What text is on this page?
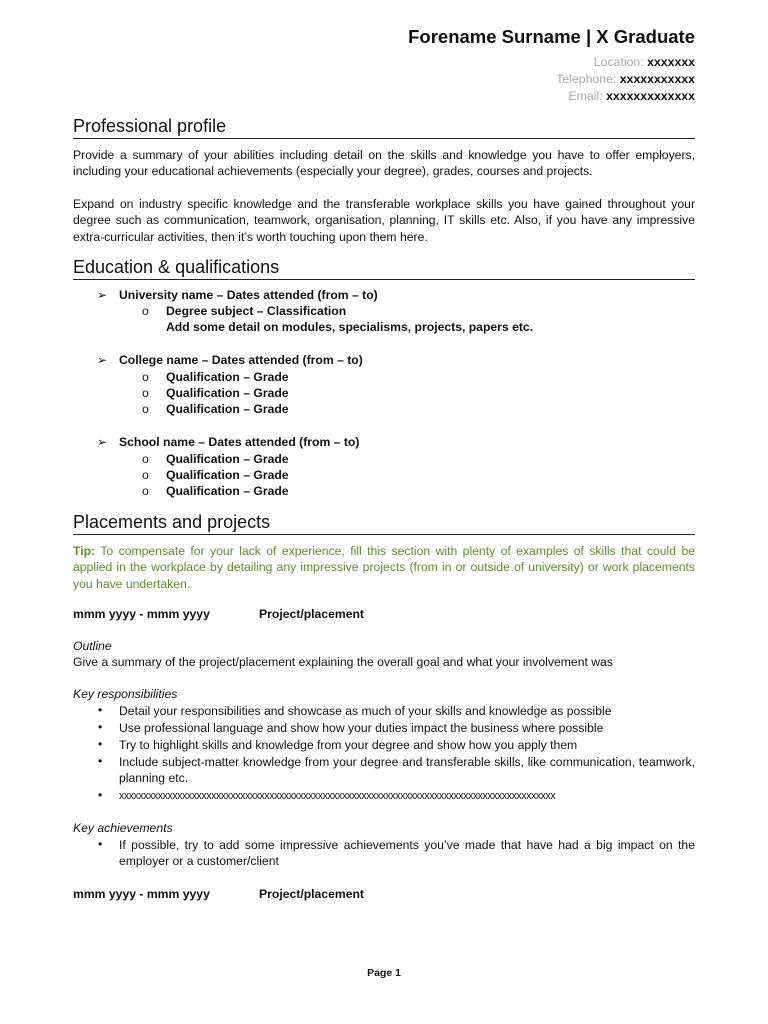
Forename Surname | X Graduate
Location: xxxxxxx
Telephone: xxxxxxxxxxx
Email: xxxxxxxxxxxxx
Professional profile
Provide a summary of your abilities including detail on the skills and knowledge you have to offer employers, including your educational achievements (especially your degree), grades, courses and projects.
Expand on industry specific knowledge and the transferable workplace skills you have gained throughout your degree such as communication, teamwork, organisation, planning, IT skills etc. Also, if you have any impressive extra-curricular activities, then it’s worth touching upon them here.
Education & qualifications
➢ University name – Dates attended (from – to)
o Degree subject – Classification
Add some detail on modules, specialisms, projects, papers etc.
➢ College name – Dates attended (from – to)
o Qualification – Grade
o Qualification – Grade
o Qualification – Grade
➢ School name – Dates attended (from – to)
o Qualification – Grade
o Qualification – Grade
o Qualification – Grade
Placements and projects
Tip: To compensate for your lack of experience, fill this section with plenty of examples of skills that could be applied in the workplace by detailing any impressive projects (from in or outside of university) or work placements you have undertaken.
mmm yyyy - mmm yyyy	Project/placement
Outline
Give a summary of the project/placement explaining the overall goal and what your involvement was
Key responsibilities
• Detail your responsibilities and showcase as much of your skills and knowledge as possible
• Use professional language and show how your duties impact the business where possible
• Try to highlight skills and knowledge from your degree and show how you apply them
• Include subject-matter knowledge from your degree and transferable skills, like communication, teamwork, planning etc.
• xxxxxxxxxxxxxxxxxxxxxxxxxxxxxxxxxxxxxxxxxxxxxxxxxxxxxxxxxxxxxxxxxxxxxxxxxxxxxxxxxxxxxxxxxx
Key achievements
• If possible, try to add some impressive achievements you’ve made that have had a big impact on the employer or a customer/client
mmm yyyy - mmm yyyy	Project/placement
Page 1
